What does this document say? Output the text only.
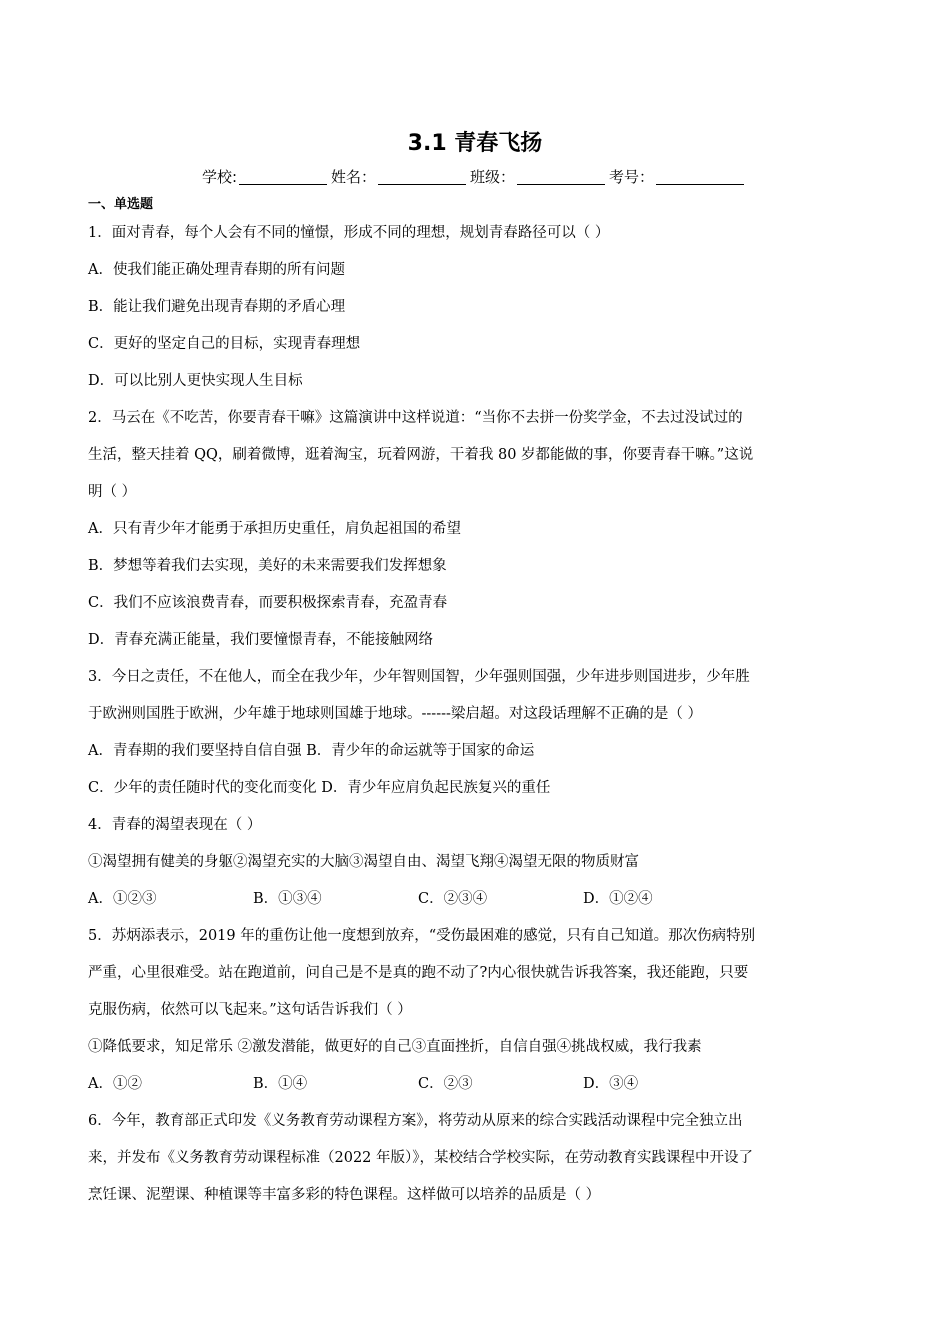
3.1 青春飞扬
学校:	姓名：	班级：	考号：
一、单选题
1．面对青春，每个人会有不同的憧憬，形成不同的理想，规划青春路径可以（ ）
A．使我们能正确处理青春期的所有问题
B．能让我们避免出现青春期的矛盾心理
C．更好的坚定自己的目标，实现青春理想
D．可以比别人更快实现人生目标
2．马云在《不吃苦，你要青春干嘛》这篇演讲中这样说道：“当你不去拼一份奖学金，不去过没试过的
生活，整天挂着 QQ，刷着微博，逛着淘宝，玩着网游，干着我 80 岁都能做的事，你要青春干嘛。”这说
明（ ）
A．只有青少年才能勇于承担历史重任，肩负起祖国的希望
B．梦想等着我们去实现，美好的未来需要我们发挥想象
C．我们不应该浪费青春，而要积极探索青春，充盈青春
D．青春充满正能量，我们要憧憬青春，不能接触网络
3．今日之责任，不在他人，而全在我少年，少年智则国智，少年强则国强，少年进步则国进步，少年胜
于欧洲则国胜于欧洲，少年雄于地球则国雄于地球。------梁启超。对这段话理解不正确的是（ ）
A．青春期的我们要坚持自信自强 B．青少年的命运就等于国家的命运
C．少年的责任随时代的变化而变化 D．青少年应肩负起民族复兴的重任
4．青春的渴望表现在（ ）
①渴望拥有健美的身躯②渴望充实的大脑③渴望自由、渴望飞翔④渴望无限的物质财富
A．①②③	B．①③④	C．②③④	D．①②④
5．苏炳添表示，2019 年的重伤让他一度想到放弃，“受伤最困难的感觉，只有自己知道。那次伤病特别
严重，心里很难受。站在跑道前，问自己是不是真的跑不动了?内心很快就告诉我答案，我还能跑，只要
克服伤病，依然可以飞起来。”这句话告诉我们（ ）
①降低要求，知足常乐 ②激发潜能，做更好的自己③直面挫折，自信自强④挑战权威，我行我素
A．①②	B．①④	C．②③	D．③④
6．今年，教育部正式印发《义务教育劳动课程方案》，将劳动从原来的综合实践活动课程中完全独立出
来，并发布《义务教育劳动课程标准（2022 年版）》，某校结合学校实际，在劳动教育实践课程中开设了
烹饪课、泥塑课、种植课等丰富多彩的特色课程。这样做可以培养的品质是（ ）
